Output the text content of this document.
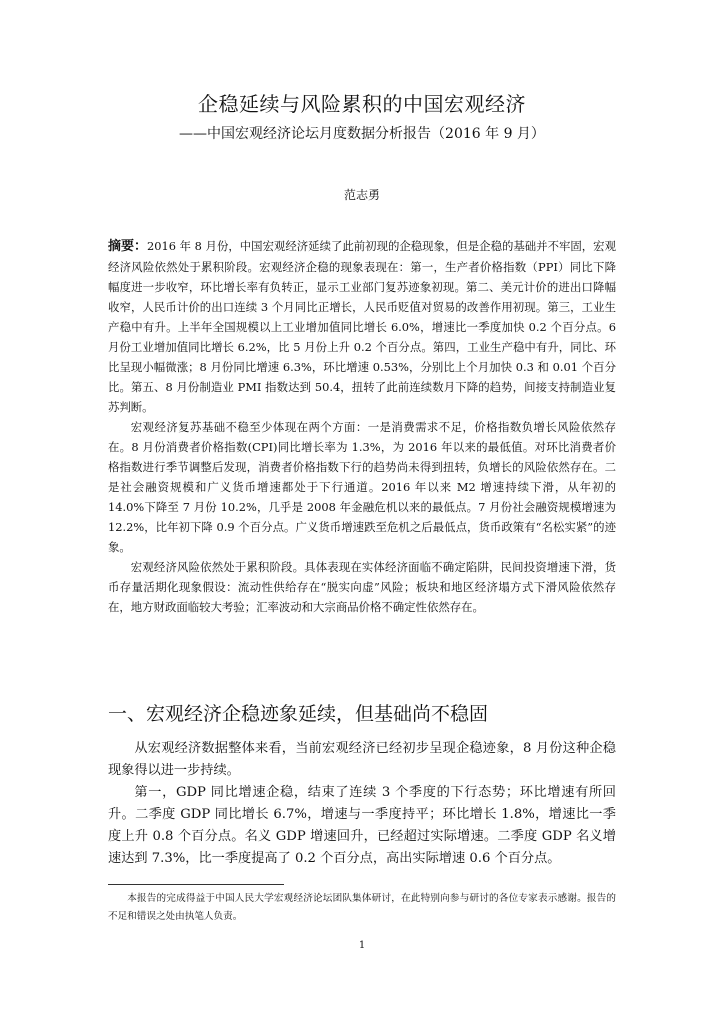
企稳延续与风险累积的中国宏观经济
——中国宏观经济论坛月度数据分析报告（2016 年 9 月）
范志勇

摘要：2016 年 8 月份，中国宏观经济延续了此前初现的企稳现象，但是企稳的基础并不牢固，宏观经济风险依然处于累积阶段。宏观经济企稳的现象表现在：第一，生产者价格指数（PPI）同比下降幅度进一步收窄，环比增长率有负转正，显示工业部门复苏迹象初现。第二、美元计价的进出口降幅收窄，人民币计价的出口连续 3 个月同比正增长，人民币贬值对贸易的改善作用初现。第三，工业生产稳中有升。上半年全国规模以上工业增加值同比增长 6.0%，增速比一季度加快 0.2 个百分点。6 月份工业增加值同比增长 6.2%，比 5 月份上升 0.2 个百分点。第四，工业生产稳中有升，同比、环比呈现小幅微涨；8 月份同比增速 6.3%，环比增速 0.53%，分别比上个月加快 0.3 和 0.01 个百分比。第五、8 月份制造业 PMI 指数达到 50.4，扭转了此前连续数月下降的趋势，间接支持制造业复苏判断。

宏观经济复苏基础不稳至少体现在两个方面：一是消费需求不足，价格指数负增长风险依然存在。8 月份消费者价格指数(CPI)同比增长率为 1.3%，为 2016 年以来的最低值。对环比消费者价格指数进行季节调整后发现，消费者价格指数下行的趋势尚未得到扭转，负增长的风险依然存在。二是社会融资规模和广义货币增速都处于下行通道。2016 年以来 M2 增速持续下滑，从年初的 14.0%下降至 7 月份 10.2%，几乎是 2008 年金融危机以来的最低点。7 月份社会融资规模增速为 12.2%，比年初下降 0.9 个百分点。广义货币增速跌至危机之后最低点，货币政策有“名松实紧”的迹象。

宏观经济风险依然处于累积阶段。具体表现在实体经济面临不确定陷阱，民间投资增速下滑，货币存量活期化现象假设：流动性供给存在“脱实向虚”风险；板块和地区经济塌方式下滑风险依然存在，地方财政面临较大考验；汇率波动和大宗商品价格不确定性依然存在。

一、宏观经济企稳迹象延续，但基础尚不稳固

从宏观经济数据整体来看，当前宏观经济已经初步呈现企稳迹象，8 月份这种企稳现象得以进一步持续。

第一，GDP 同比增速企稳，结束了连续 3 个季度的下行态势；环比增速有所回升。二季度 GDP 同比增长 6.7%，增速与一季度持平；环比增长 1.8%，增速比一季度上升 0.8 个百分点。名义 GDP 增速回升，已经超过实际增速。二季度 GDP 名义增速达到 7.3%，比一季度提高了 0.2 个百分点，高出实际增速 0.6 个百分点。

本报告的完成得益于中国人民大学宏观经济论坛团队集体研讨，在此特别向参与研讨的各位专家表示感谢。报告的不足和错误之处由执笔人负责。
1
